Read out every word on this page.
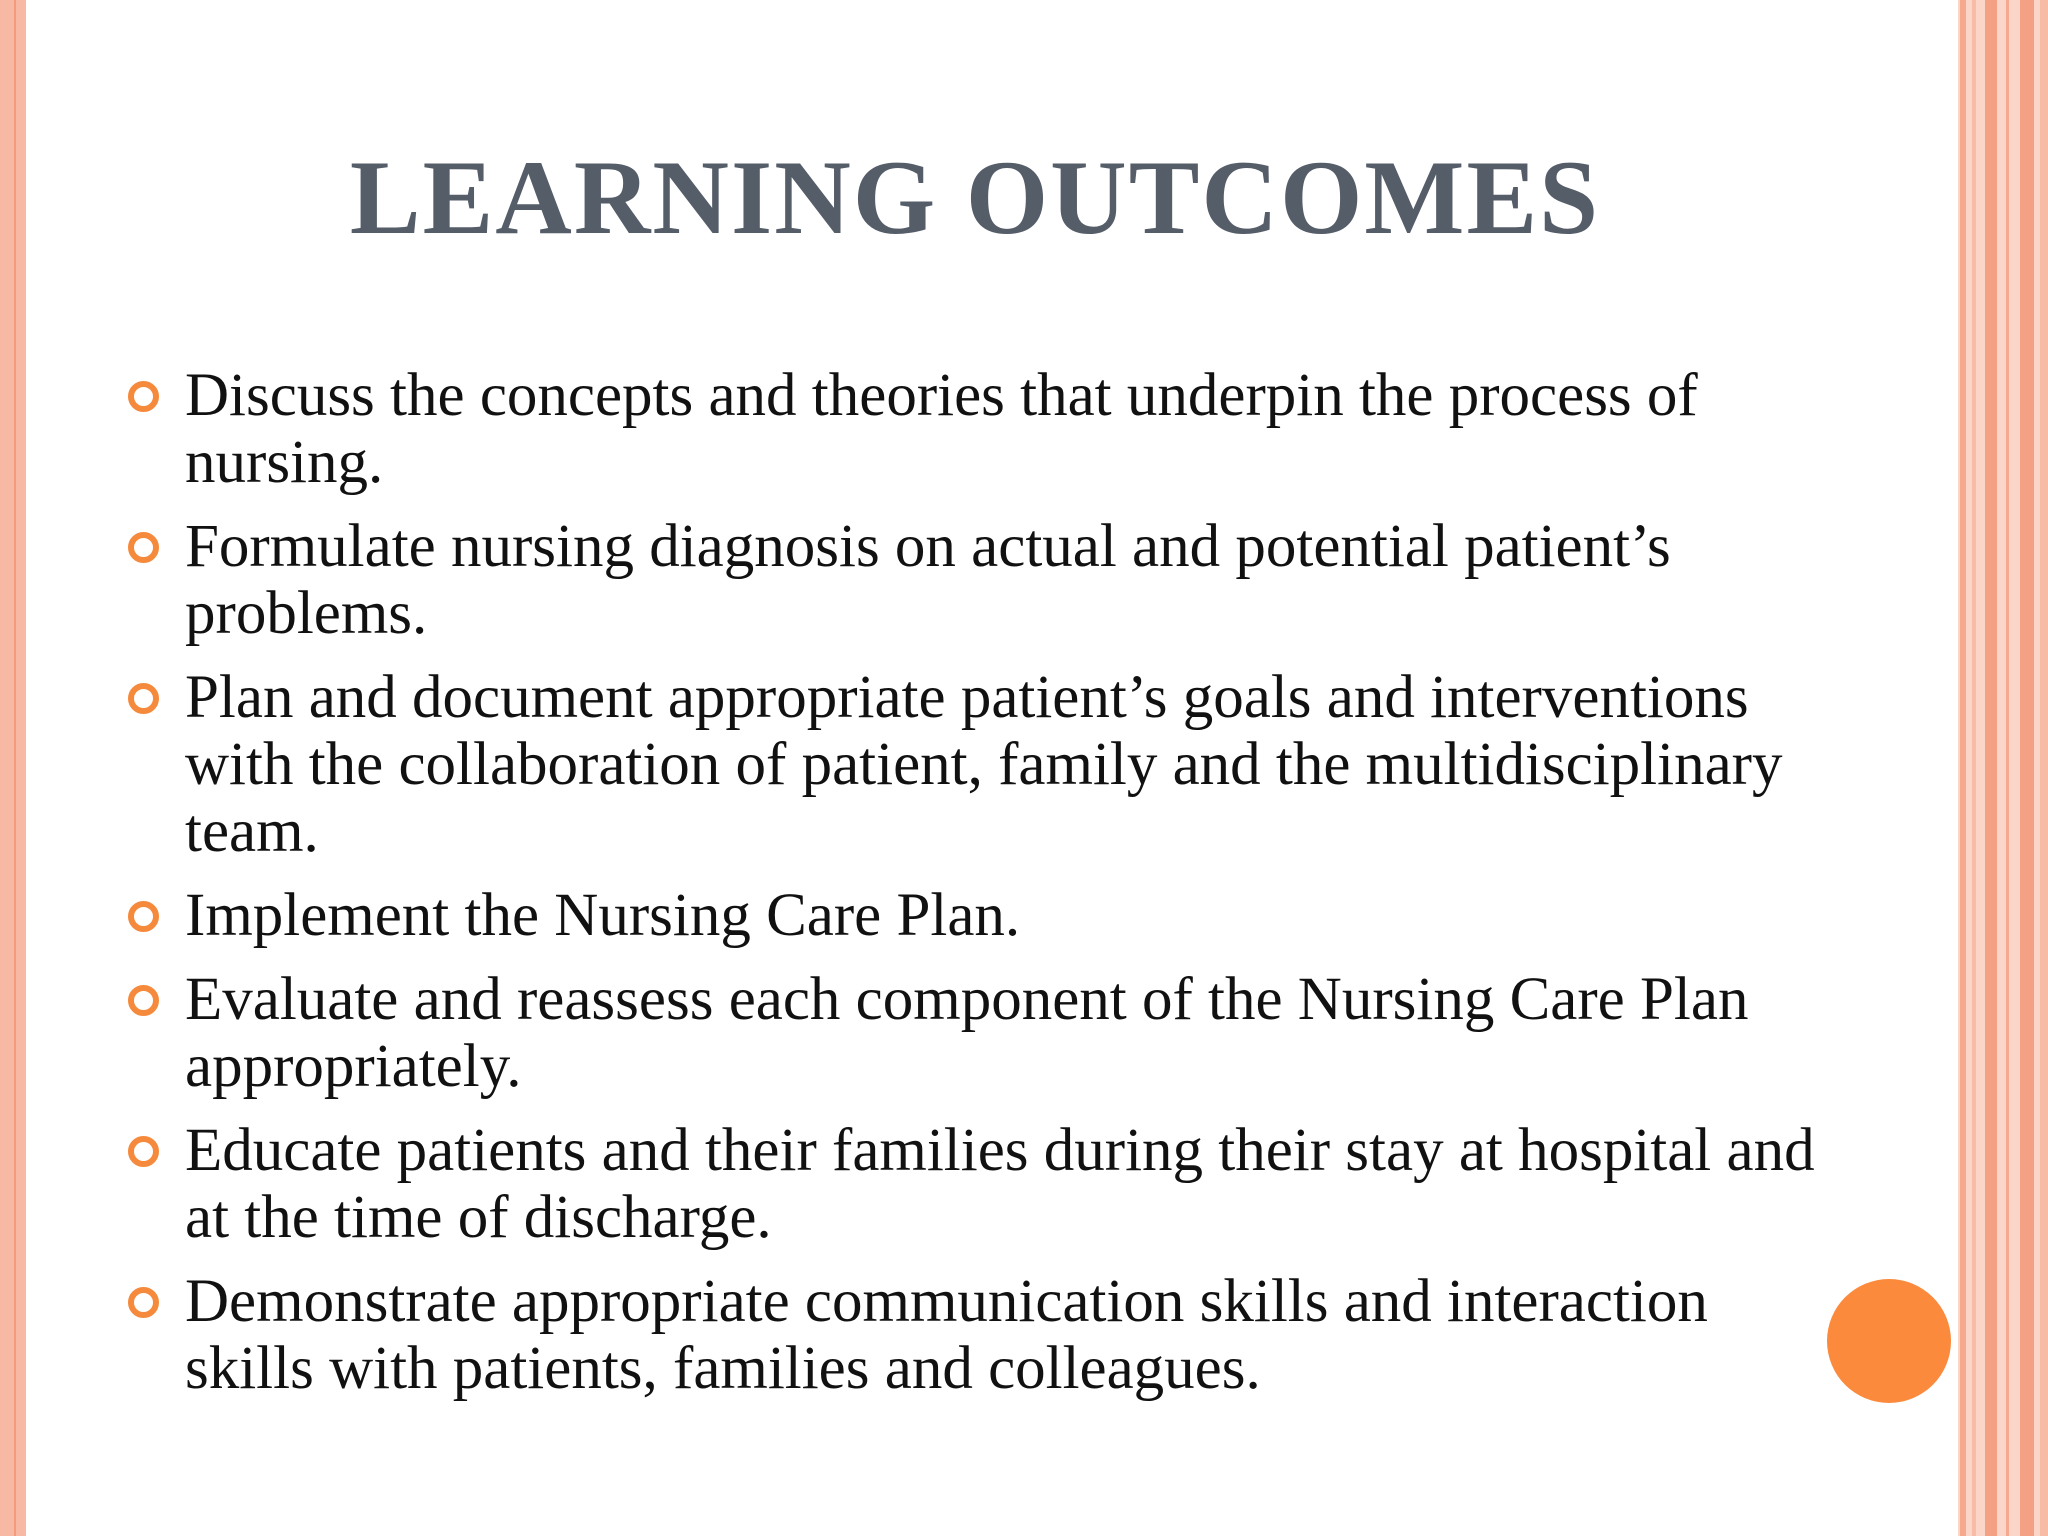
LEARNING OUTCOMES
Discuss the concepts and theories that underpin the process of nursing.
Formulate nursing diagnosis on actual and potential patient’s problems.
Plan and document appropriate patient’s goals and interventions with the collaboration of patient, family and the multidisciplinary team.
Implement the Nursing Care Plan.
Evaluate and reassess each component of the Nursing Care Plan appropriately.
Educate patients and their families during their stay at hospital and at the time of discharge.
Demonstrate appropriate communication skills and interaction skills with patients, families and colleagues.
